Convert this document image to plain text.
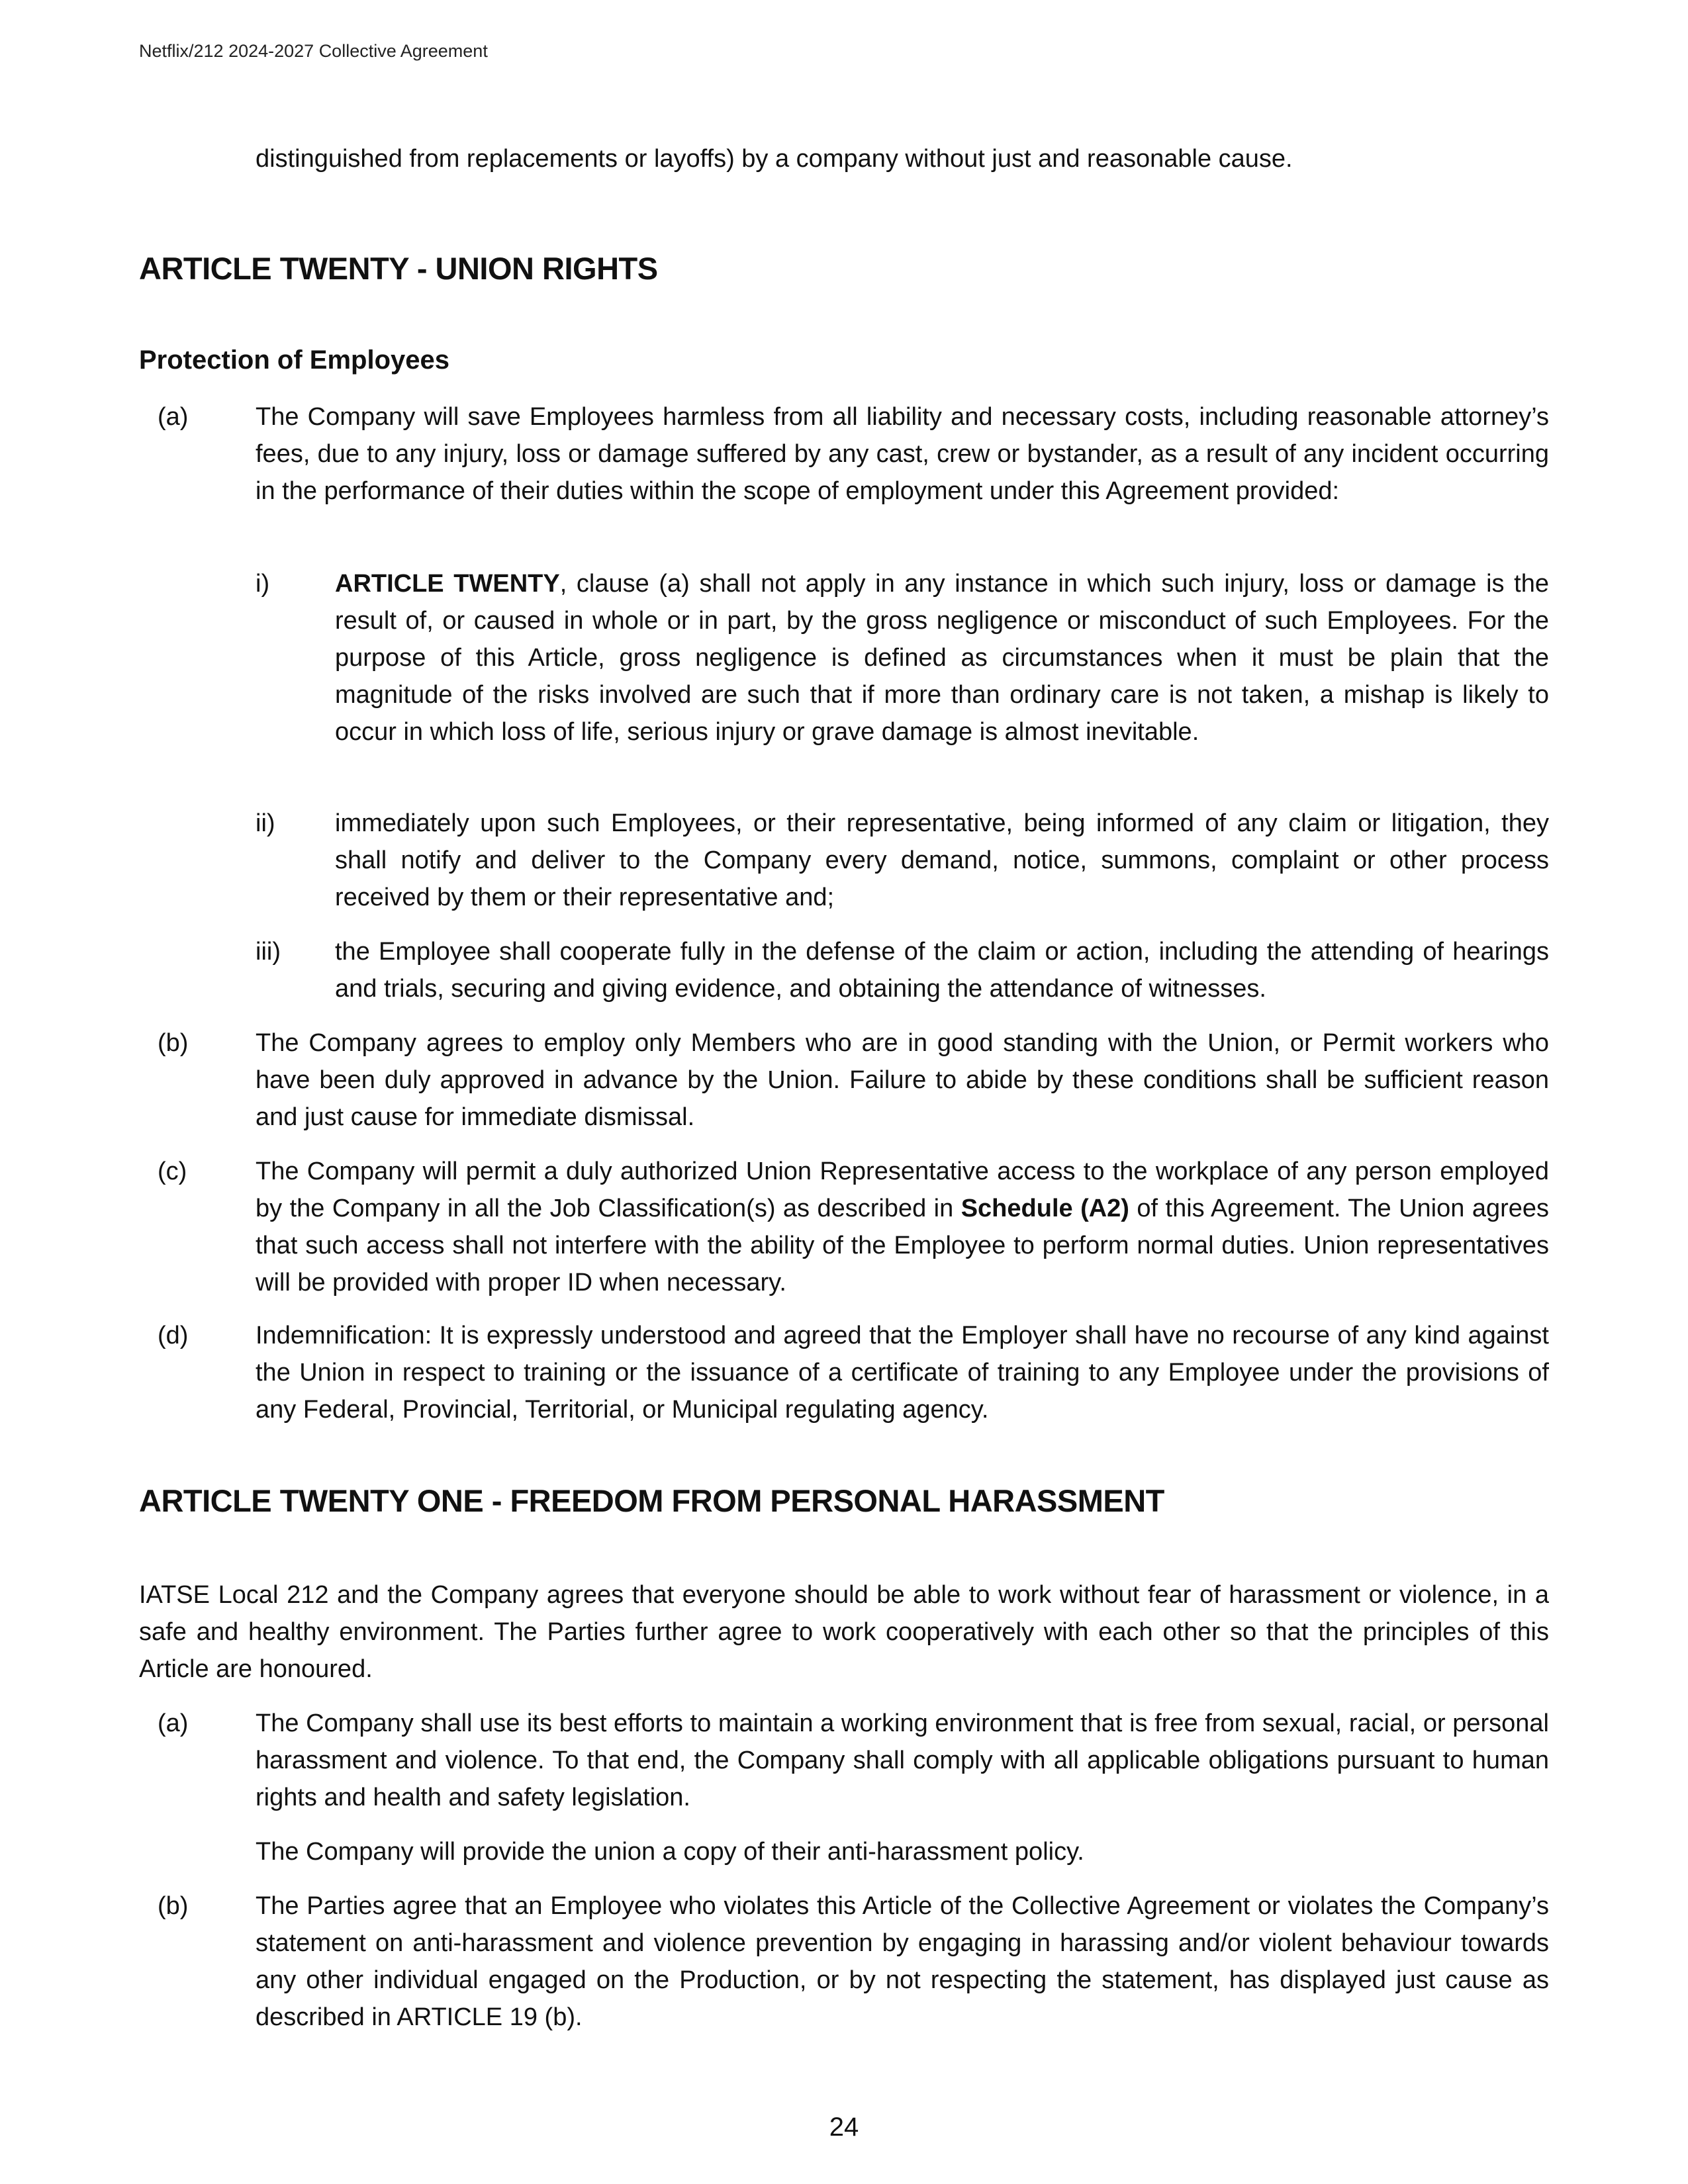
Netflix/212 2024-2027 Collective Agreement
distinguished from replacements or layoffs) by a company without just and reasonable cause.
ARTICLE TWENTY - UNION RIGHTS
Protection of Employees
(a)	The Company will save Employees harmless from all liability and necessary costs, including reasonable attorney’s fees, due to any injury, loss or damage suffered by any cast, crew or bystander, as a result of any incident occurring in the performance of their duties within the scope of employment under this Agreement provided:
i)	ARTICLE TWENTY, clause (a) shall not apply in any instance in which such injury, loss or damage is the result of, or caused in whole or in part, by the gross negligence or misconduct of such Employees. For the purpose of this Article, gross negligence is defined as circumstances when it must be plain that the magnitude of the risks involved are such that if more than ordinary care is not taken, a mishap is likely to occur in which loss of life, serious injury or grave damage is almost inevitable.
ii) immediately upon such Employees, or their representative, being informed of any claim or litigation, they shall notify and deliver to the Company every demand, notice, summons, complaint or other process received by them or their representative and;
iii) the Employee shall cooperate fully in the defense of the claim or action, including the attending of hearings and trials, securing and giving evidence, and obtaining the attendance of witnesses.
(b)	The Company agrees to employ only Members who are in good standing with the Union, or Permit workers who have been duly approved in advance by the Union. Failure to abide by these conditions shall be sufficient reason and just cause for immediate dismissal.
(c)	The Company will permit a duly authorized Union Representative access to the workplace of any person employed by the Company in all the Job Classification(s) as described in Schedule (A2) of this Agreement. The Union agrees that such access shall not interfere with the ability of the Employee to perform normal duties. Union representatives will be provided with proper ID when necessary.
(d)	Indemnification: It is expressly understood and agreed that the Employer shall have no recourse of any kind against the Union in respect to training or the issuance of a certificate of training to any Employee under the provisions of any Federal, Provincial, Territorial, or Municipal regulating agency.
ARTICLE TWENTY ONE - FREEDOM FROM PERSONAL HARASSMENT
IATSE Local 212 and the Company agrees that everyone should be able to work without fear of harassment or violence, in a safe and healthy environment. The Parties further agree to work cooperatively with each other so that the principles of this Article are honoured.
(a)	The Company shall use its best efforts to maintain a working environment that is free from sexual, racial, or personal harassment and violence. To that end, the Company shall comply with all applicable obligations pursuant to human rights and health and safety legislation.
The Company will provide the union a copy of their anti-harassment policy.
(b)	The Parties agree that an Employee who violates this Article of the Collective Agreement or violates the Company’s statement on anti-harassment and violence prevention by engaging in harassing and/or violent behaviour towards any other individual engaged on the Production, or by not respecting the statement, has displayed just cause as described in ARTICLE 19 (b).
24
